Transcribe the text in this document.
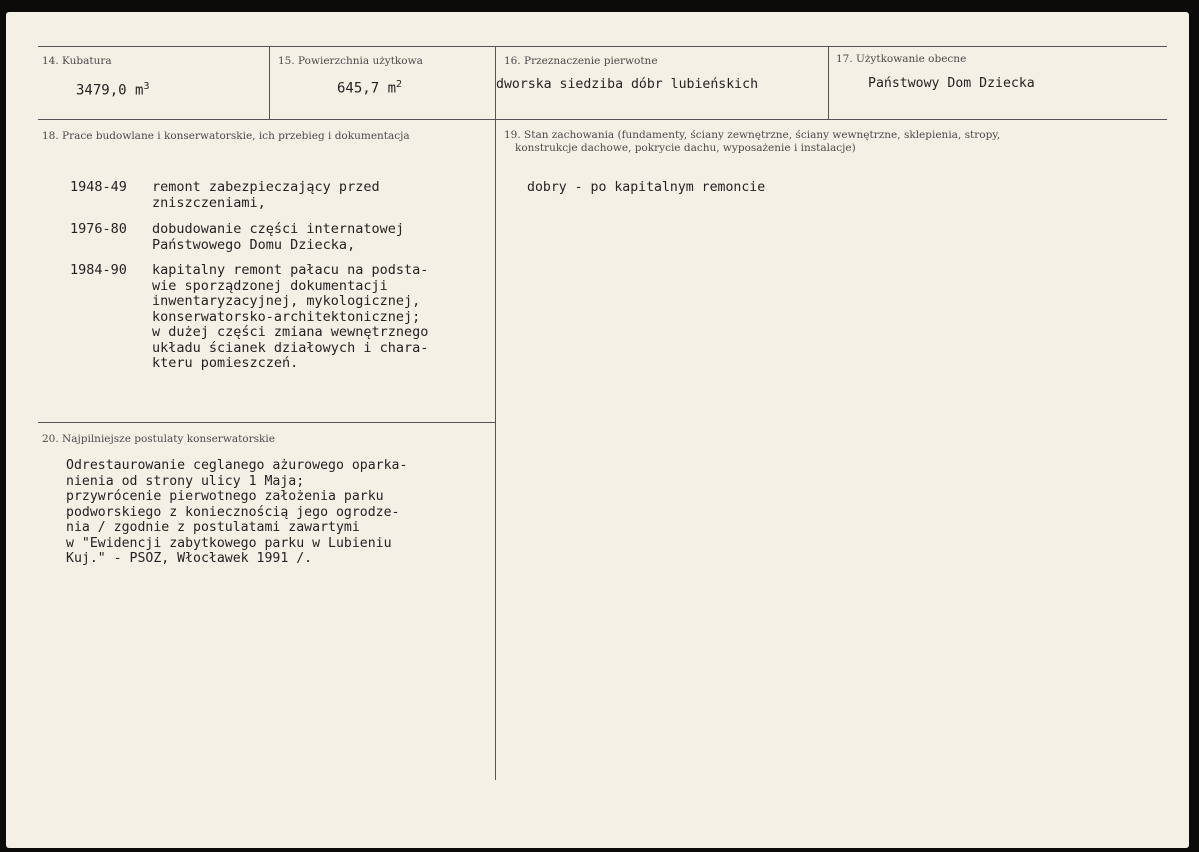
14. Kubatura
3479,0 $m^3$
15. Powierzchnia użytkowa
645,7 $m^2$
16. Przeznaczenie pierwotne
dworska siedziba dóbr lubieńskich
17. Użytkowanie obecne
Państwowy Dom Dziecka
18. Prace budowlane i konserwatorskie, ich przebieg i dokumentacja
1948-49 remont zabezpieczający przed
zniszczeniami,
1976-80 dobudowanie części internatowej
Państwowego Domu Dziecka,
1984-90 kapitalny remont pałacu na podsta-
wie sporządzonej dokumentacji
inwentaryzacyjnej, mykologicznej,
konserwatorsko-architektonicznej;
w dużej części zmiana wewnętrznego
układu ścianek działowych i chara-
kteru pomieszczeń.
19. Stan zachowania (fundamenty, ściany zewnętrzne, ściany wewnętrzne, sklepienia, stropy,
konstrukcje dachowe, pokrycie dachu, wyposażenie i instalacje)
dobry - po kapitalnym remoncie
20. Najpilniejsze postulaty konserwatorskie
Odrestaurowanie ceglanego ażurowego oparka-
nienia od strony ulicy 1 Maja;
przywrócenie pierwotnego założenia parku
podworskiego z koniecznością jego ogrodze-
nia / zgodnie z postulatami zawartymi
w "Ewidencji zabytkowego parku w Lubieniu
Kuj." - PSOZ, Włocławek 1991 /.
